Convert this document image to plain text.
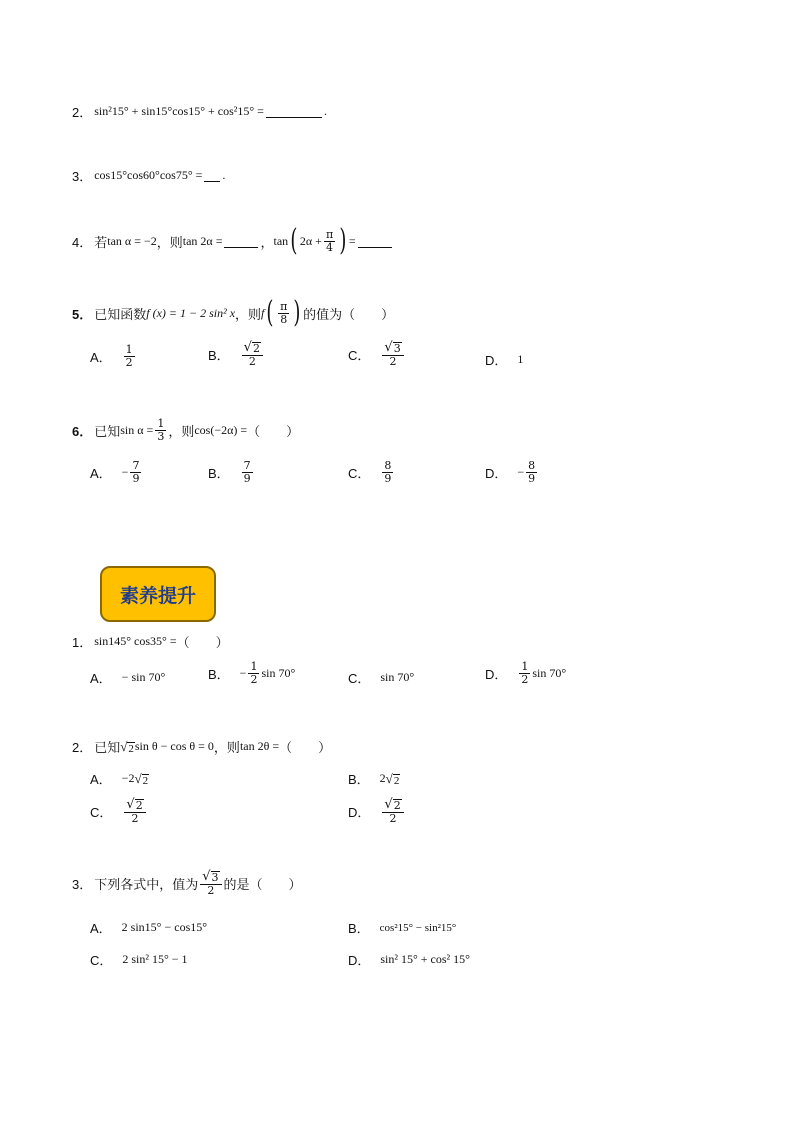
2． sin²15° + sin15°cos15° + cos²15° =	.
3． cos15°cos60°cos75° = .
4． 若 tan α = −2 ，则 tan 2α =	， tan ( $2\alpha + \frac{\pi}{4}$ ) =
5． 已知函数 f (x) = 1 − 2 sin² x ，则 f ( $\frac{\pi}{8}$ ) 的值为（　　）
A． $\frac{1}{2}$	B． $\frac{√ 2}{2}$	C． $\frac{√ 3}{2}$	D． 1
6． 已知 $\sin \alpha = \frac{1}{3}$ ，则 cos(−2α) = （　　）
A． − $\frac{7}{9}$	B． $\frac{7}{9}$	C． $\frac{8}{9}$	D． − $\frac{8}{9}$
素养提升
1． sin145° cos35° = （　　）
A． − sin 70°	B． − $\frac{1}{2}$ sin 70°	C． sin 70°	D． $\frac{1}{2}$ sin 70°
2． 已知 √ 2 sin θ − cos θ = 0 ，则 tan 2θ = （　　）
A． −2 √ 2	B． 2 √ 2
C． $\frac{√ 2}{2}$	D． $\frac{√ 2}{2}$
3． 下列各式中，值为 $\frac{√ 3}{2}$ 的是（　　）
A． 2 sin15° − cos15°	B． cos²15° − sin²15°
C． 2 sin² 15° − 1	D． sin² 15° + cos² 15°
